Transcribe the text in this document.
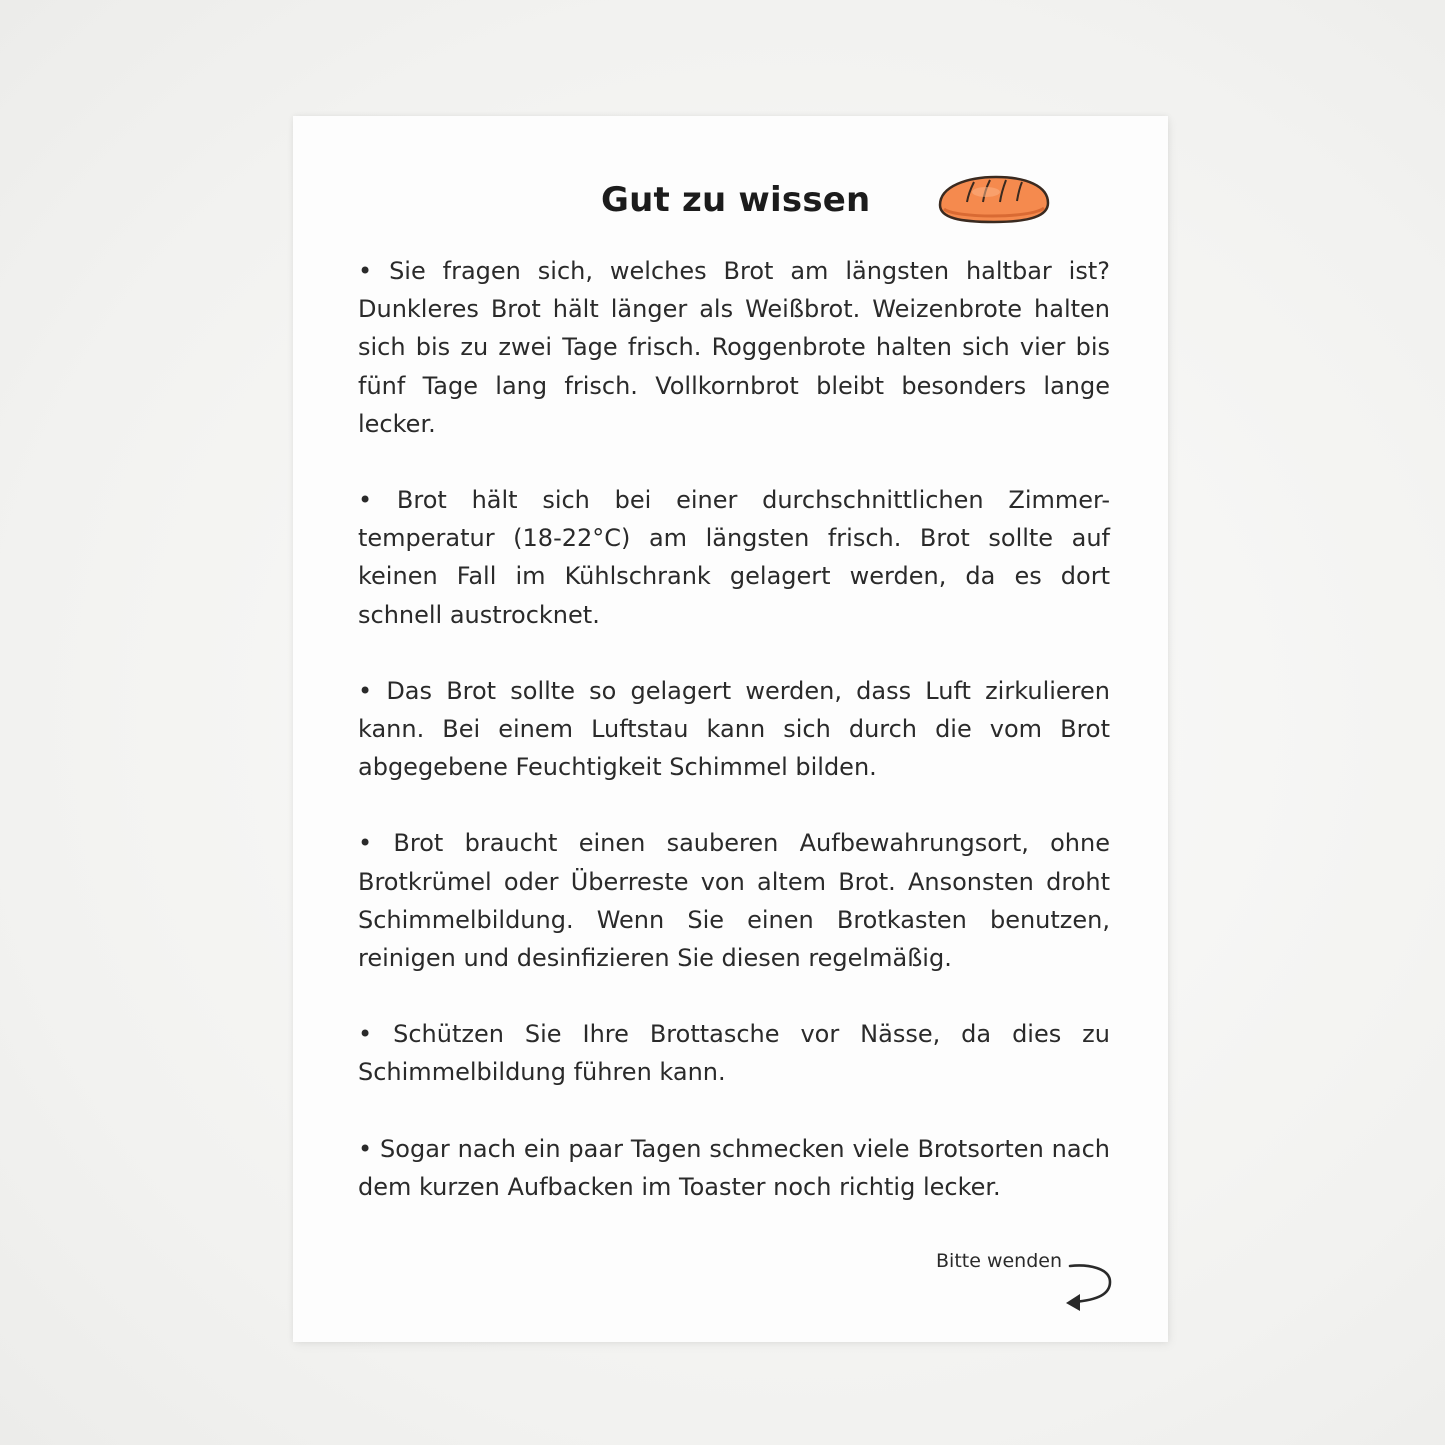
Gut zu wissen

• Sie fragen sich, welches Brot am längsten haltbar ist? Dunkleres Brot hält länger als Weißbrot. Weizenbrote halten sich bis zu zwei Tage frisch. Roggenbrote halten sich vier bis fünf Tage lang frisch. Vollkornbrot bleibt besonders lange lecker.

• Brot hält sich bei einer durchschnittlichen Zimmer-temperatur (18-22°C) am längsten frisch. Brot sollte auf keinen Fall im Kühlschrank gelagert werden, da es dort schnell austrocknet.

• Das Brot sollte so gelagert werden, dass Luft zirkulieren kann. Bei einem Luftstau kann sich durch die vom Brot abgegebene Feuchtigkeit Schimmel bilden.

• Brot braucht einen sauberen Aufbewahrungsort, ohne Brotkrümel oder Überreste von altem Brot. Ansonsten droht Schimmelbildung. Wenn Sie einen Brotkasten benutzen, reinigen und desinfizieren Sie diesen regelmäßig.

• Schützen Sie Ihre Brottasche vor Nässe, da dies zu Schimmelbildung führen kann.

• Sogar nach ein paar Tagen schmecken viele Brotsorten nach dem kurzen Aufbacken im Toaster noch richtig lecker.

Bitte wenden
